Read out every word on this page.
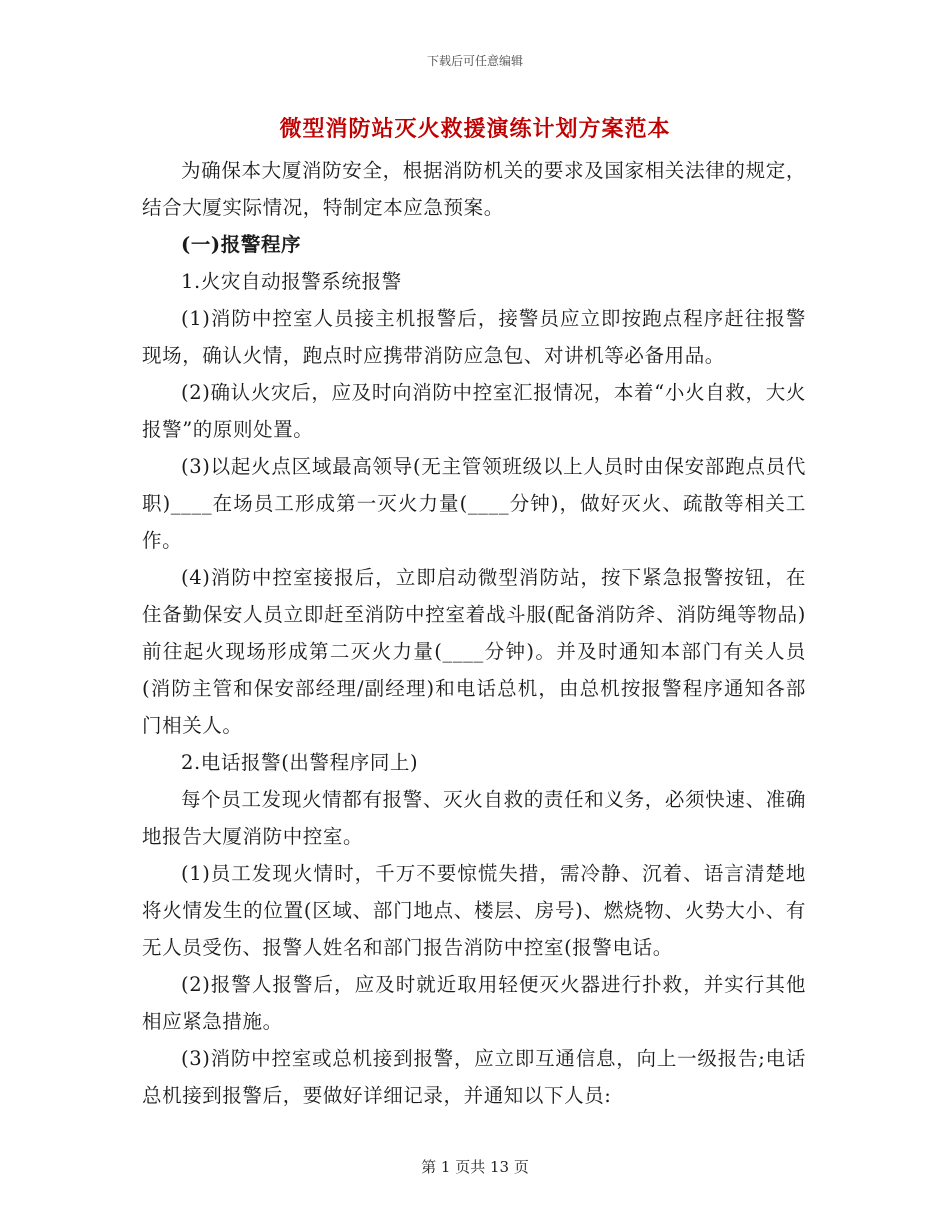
下载后可任意编辑
微型消防站灭火救援演练计划方案范本

为确保本大厦消防安全，根据消防机关的要求及国家相关法律的规定，结合大厦实际情况，特制定本应急预案。

(一)报警程序

1.火灾自动报警系统报警

(1)消防中控室人员接主机报警后，接警员应立即按跑点程序赶往报警现场，确认火情，跑点时应携带消防应急包、对讲机等必备用品。

(2)确认火灾后，应及时向消防中控室汇报情况，本着“小火自救，大火报警”的原则处置。

(3)以起火点区域最高领导(无主管领班级以上人员时由保安部跑点员代职)____在场员工形成第一灭火力量(____分钟)，做好灭火、疏散等相关工作。

(4)消防中控室接报后，立即启动微型消防站，按下紧急报警按钮，在住备勤保安人员立即赶至消防中控室着战斗服(配备消防斧、消防绳等物品)前往起火现场形成第二灭火力量(____分钟)。并及时通知本部门有关人员(消防主管和保安部经理/副经理)和电话总机，由总机按报警程序通知各部门相关人。

2.电话报警(出警程序同上)

每个员工发现火情都有报警、灭火自救的责任和义务，必须快速、准确地报告大厦消防中控室。

(1)员工发现火情时，千万不要惊慌失措，需冷静、沉着、语言清楚地将火情发生的位置(区域、部门地点、楼层、房号)、燃烧物、火势大小、有无人员受伤、报警人姓名和部门报告消防中控室(报警电话。

(2)报警人报警后，应及时就近取用轻便灭火器进行扑救，并实行其他相应紧急措施。

(3)消防中控室或总机接到报警，应立即互通信息，向上一级报告;电话总机接到报警后，要做好详细记录，并通知以下人员:

第 1 页共 13 页
